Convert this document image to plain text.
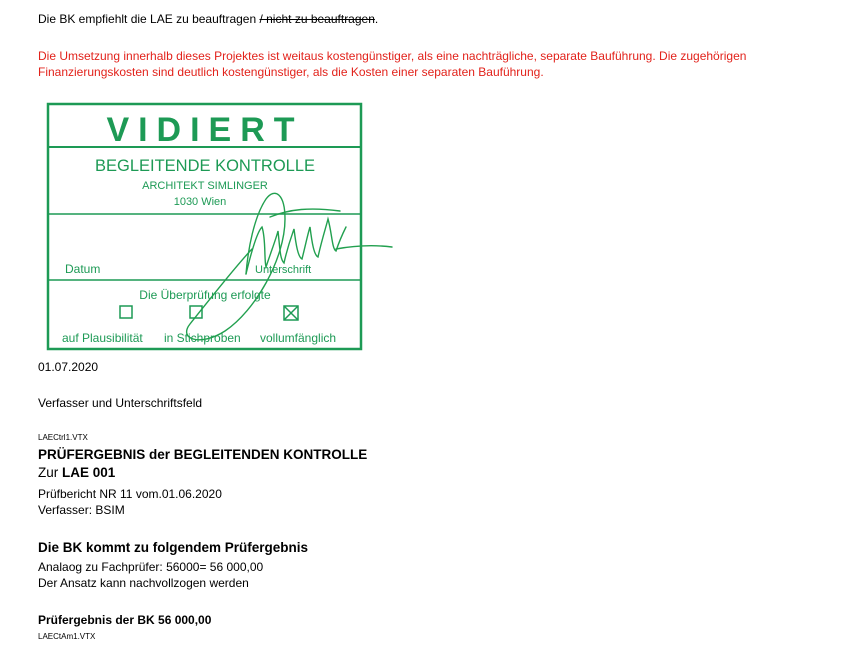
Die BK empfiehlt die LAE zu beauftragen / nicht zu beauftragen.
Die Umsetzung innerhalb dieses Projektes ist weitaus kostengünstiger, als eine nachträgliche, separate Bauführung. Die zugehörigen
Finanzierungskosten sind deutlich kostengünstiger, als die Kosten einer separaten Bauführung.
VIDIERT
BEGLEITENDE KONTROLLE
ARCHITEKT SIMLINGER
1030 Wien
Datum	Unterschrift
Die Überprüfung erfolgte
auf Plausibilität in Stichproben vollumfänglich
01.07.2020
Verfasser und Unterschriftsfeld
LAECtrl1.VTX
PRÜFERGEBNIS der BEGLEITENDEN KONTROLLE
Zur LAE 001
Prüfbericht NR 11 vom.01.06.2020
Verfasser: BSIM
Die BK kommt zu folgendem Prüfergebnis
Analaog zu Fachprüfer: 56000= 56 000,00
Der Ansatz kann nachvollzogen werden
Prüfergebnis der BK 56 000,00
LAECtAm1.VTX
